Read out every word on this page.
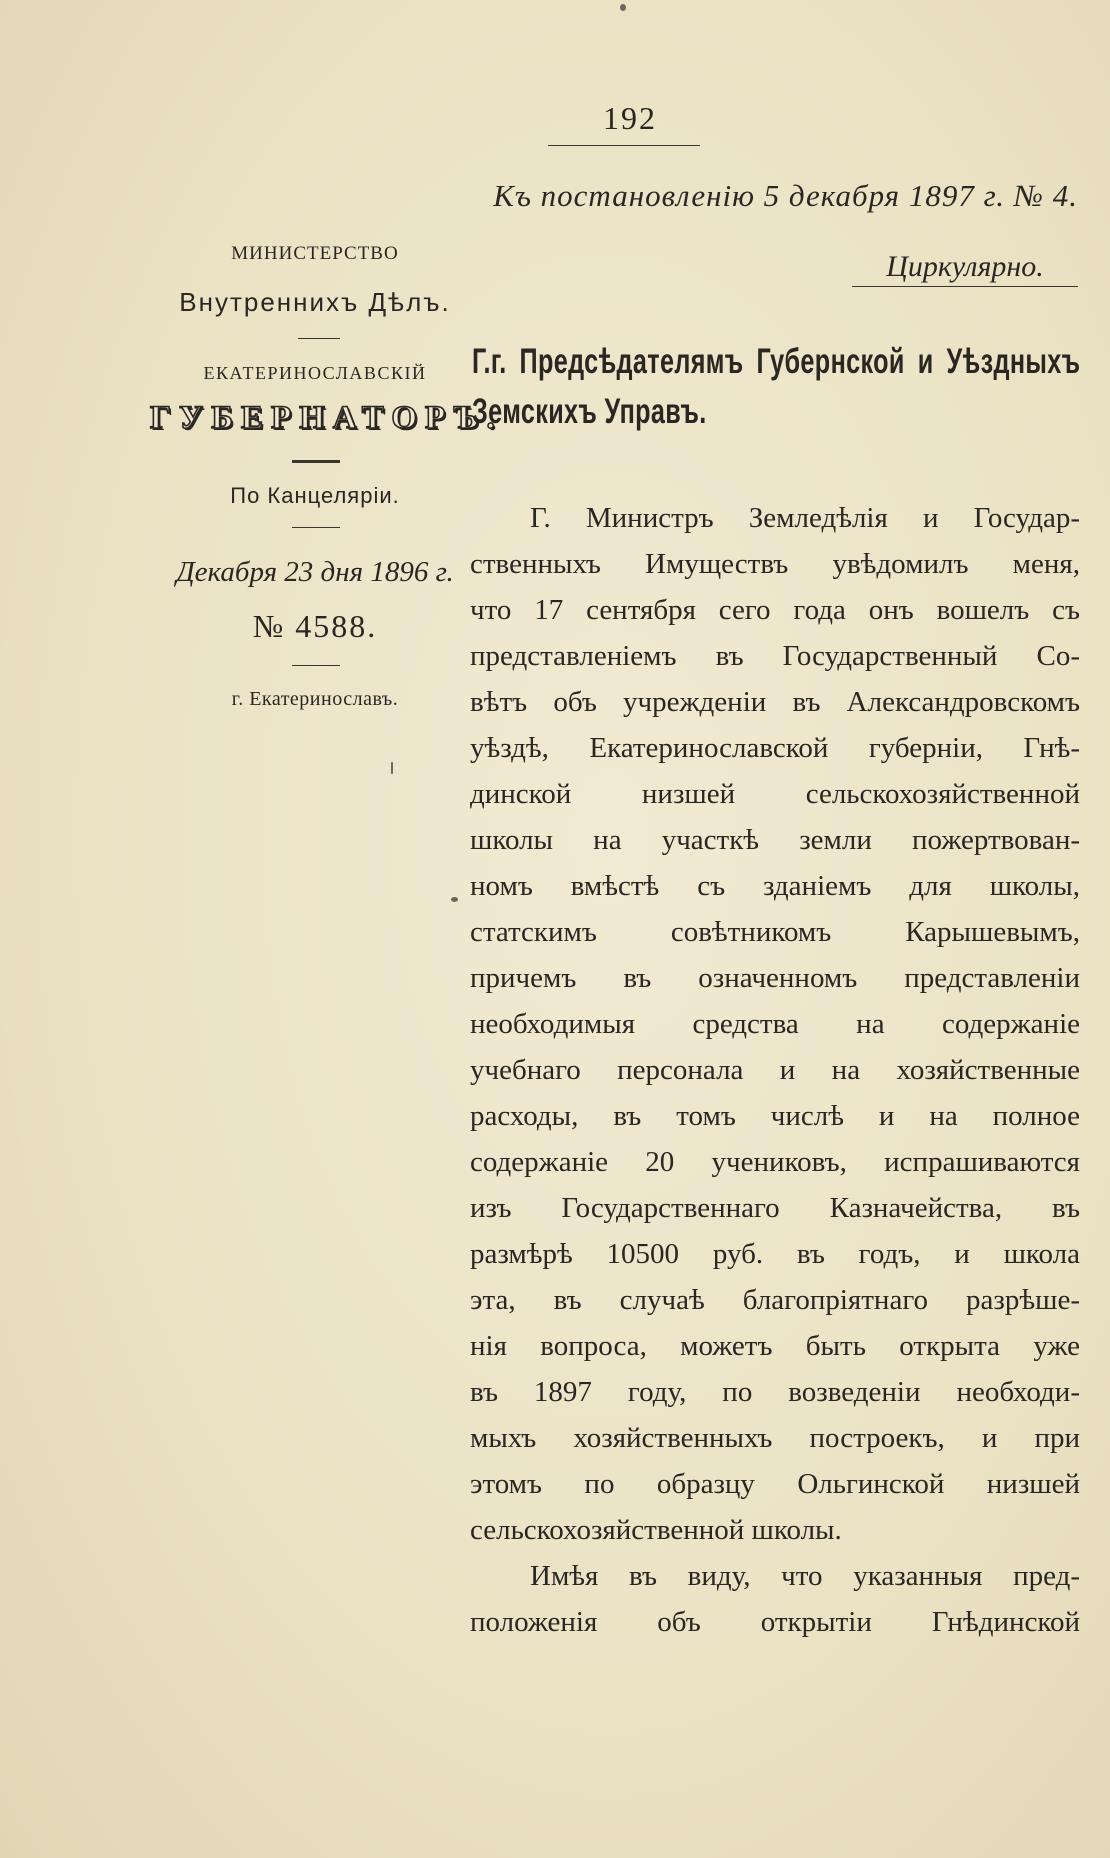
192
Къ постановленію 5 декабря 1897 г. № 4.
Циркулярно.
МИНИСТЕРСТВО
Внутреннихъ Дѣлъ.
ЕКАТЕРИНОСЛАВСКІЙ
ГУБЕРНАТОРЪ.
По Канцеляріи.
Декабря 23 дня 1896 г.
№ 4588.
г. Екатеринославъ.
Г.г. Предсѣдателямъ Губернской и Уѣздныхъ
Земскихъ Управъ.
Г. Министръ Земледѣлія и Государ-
ственныхъ Имуществъ увѣдомилъ меня,
что 17 сентября сего года онъ вошелъ съ
представленіемъ въ Государственный Со-
вѣтъ объ учрежденіи въ Александровскомъ
уѣздѣ, Екатеринославской губерніи, Гнѣ-
динской низшей сельскохозяйственной
школы на участкѣ земли пожертвован-
номъ вмѣстѣ съ зданіемъ для школы,
статскимъ совѣтникомъ Карышевымъ,
причемъ въ означенномъ представленіи
необходимыя средства на содержаніе
учебнаго персонала и на хозяйственные
расходы, въ томъ числѣ и на полное
содержаніе 20 учениковъ, испрашиваются
изъ Государственнаго Казначейства, въ
размѣрѣ 10500 руб. въ годъ, и школа
эта, въ случаѣ благопріятнаго разрѣше-
нія вопроса, можетъ быть открыта уже
въ 1897 году, по возведеніи необходи-
мыхъ хозяйственныхъ построекъ, и при
этомъ по образцу Ольгинской низшей
сельскохозяйственной школы.
Имѣя въ виду, что указанныя пред-
положенія объ открытіи Гнѣдинской
